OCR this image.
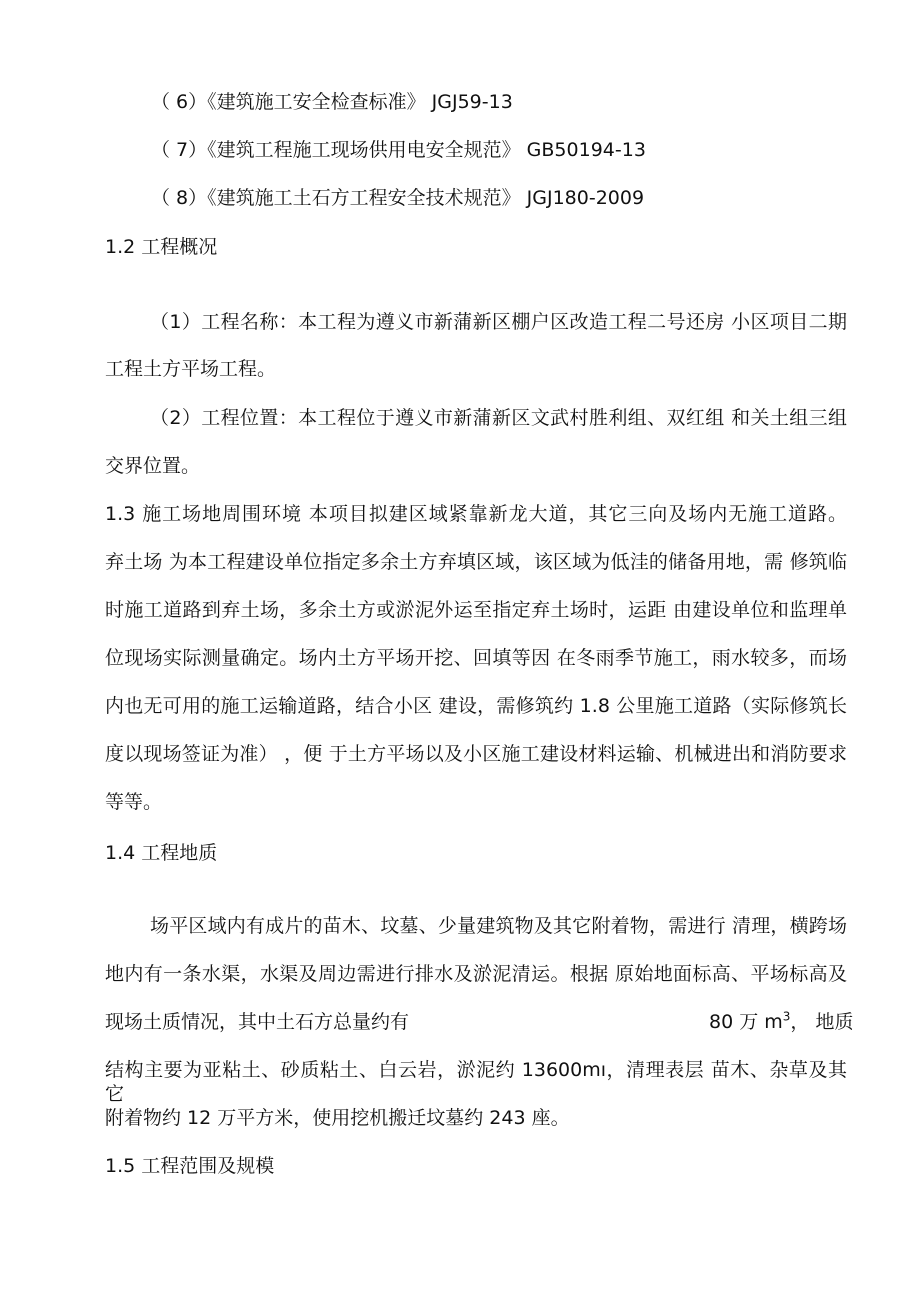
（ 6）《建筑施工安全检查标准》 JGJ59-13
（ 7）《建筑工程施工现场供用电安全规范》 GB50194-13
（ 8）《建筑施工土石方工程安全技术规范》 JGJ180-2009
1.2 工程概况
（1）工程名称：本工程为遵义市新蒲新区棚户区改造工程二号还房 小区项目二期
工程土方平场工程。
（2）工程位置：本工程位于遵义市新蒲新区文武村胜利组、双红组 和关土组三组
交界位置。
1.3 施工场地周围环境 本项目拟建区域紧靠新龙大道，其它三向及场内无施工道路。
弃土场 为本工程建设单位指定多余土方弃填区域，该区域为低洼的储备用地，需 修筑临
时施工道路到弃土场，多余土方或淤泥外运至指定弃土场时，运距 由建设单位和监理单
位现场实际测量确定。场内土方平场开挖、回填等因 在冬雨季节施工，雨水较多，而场
内也无可用的施工运输道路，结合小区 建设，需修筑约 1.8 公里施工道路（实际修筑长
度以现场签证为准） ，便 于土方平场以及小区施工建设材料运输、机械进出和消防要求
等等。
1.4 工程地质
场平区域内有成片的苗木、坟墓、少量建筑物及其它附着物，需进行 清理，横跨场
地内有一条水渠，水渠及周边需进行排水及淤泥清运。根据 原始地面标高、平场标高及
现场土质情况，其中土石方总量约有	80 万 $m^3$， 地质
结构主要为亚粘土、砂质粘土、白云岩，淤泥约 13600mı，清理表层 苗木、杂草及其它
附着物约 12 万平方米，使用挖机搬迁坟墓约 243 座。
1.5 工程范围及规模
